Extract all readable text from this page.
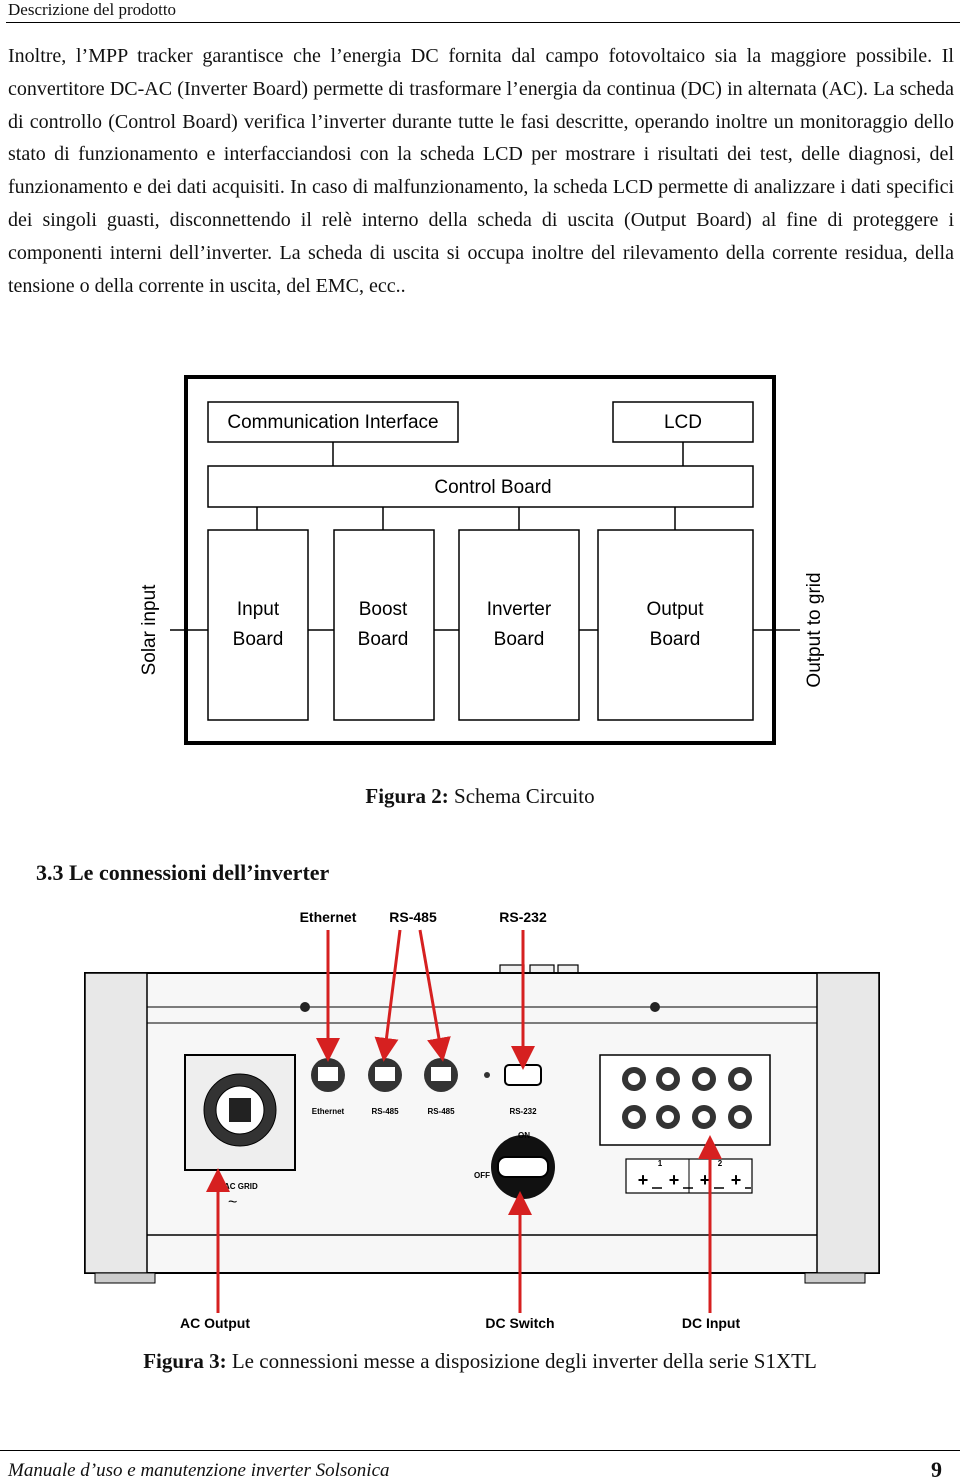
Descrizione del prodotto
Inoltre, l’MPP tracker garantisce che l’energia DC fornita dal campo fotovoltaico sia la maggiore possibile. Il convertitore DC-AC (Inverter Board) permette di trasformare l’energia da continua (DC) in alternata (AC). La scheda di controllo (Control Board) verifica l’inverter durante tutte le fasi descritte, operando inoltre un monitoraggio dello stato di funzionamento e interfacciandosi con la scheda LCD per mostrare i risultati dei test, delle diagnosi, del funzionamento e dei dati acquisiti. In caso di malfunzionamento, la scheda LCD permette di analizzare i dati specifici dei singoli guasti, disconnettendo il relè interno della scheda di uscita (Output Board) al fine di proteggere i componenti interni dell’inverter. La scheda di uscita si occupa inoltre del rilevamento della corrente residua, della tensione o della corrente in uscita, del EMC, ecc..
Communication Interface	LCD
Control Board
Input
Board
Boost
Board
Inverter
Board
Output
Board
Solar input	Output to grid
Figura 2: Schema Circuito
3.3 Le connessioni dell’inverter
Ethernet RS-485	RS-232
+ + + +
Ethernet	RS-485	RS-485	RS-232
ON
OFF
AC GRID
1	2
~
AC Output	DC Switch	DC Input
Figura 3: Le connessioni messe a disposizione degli inverter della serie S1XTL
Manuale d’uso e manutenzione inverter Solsonica	9
